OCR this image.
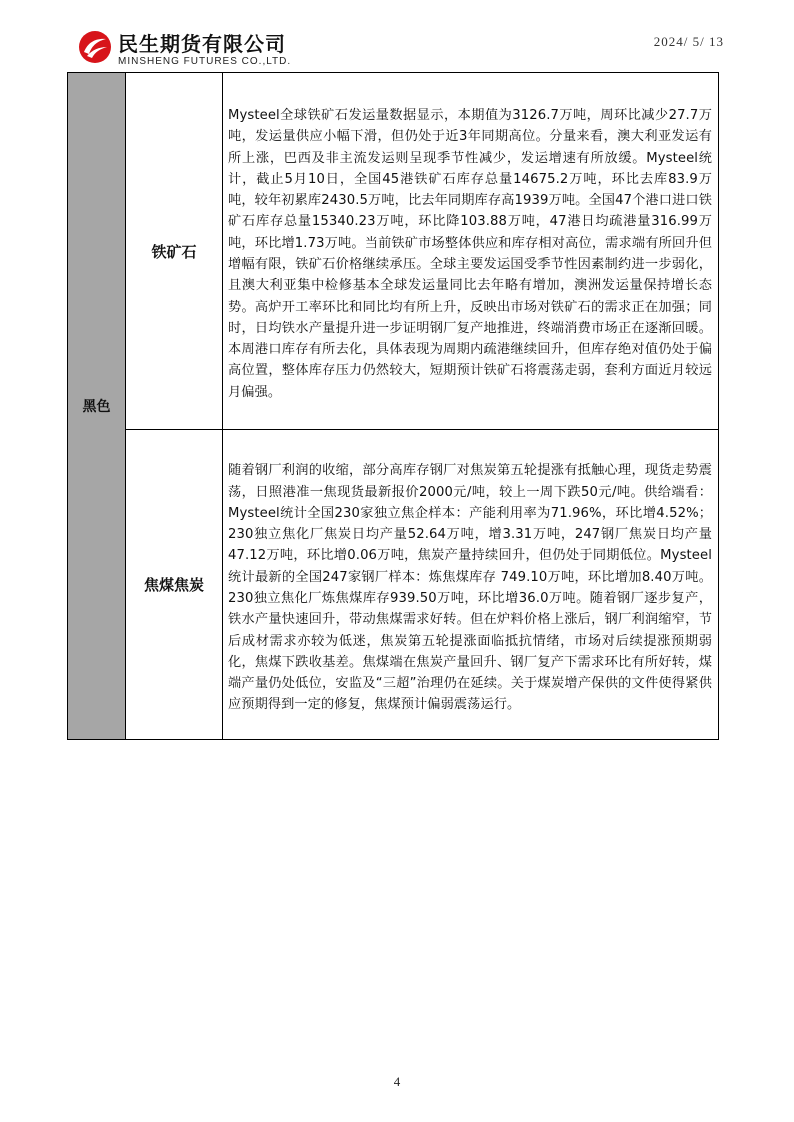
民生期货有限公司
MINSHENG FUTURES CO.,LTD.
2024/ 5/ 13
黑色	铁矿石	Mysteel全球铁矿石发运量数据显示，本期值为3126.7万吨，周环比减少27.7万吨，发运量供应小幅下滑，但仍处于近3年同期高位。分量来看，澳大利亚发运有所上涨，巴西及非主流发运则呈现季节性减少，发运增速有所放缓。Mysteel统计，截止5月10日，全国45港铁矿石库存总量14675.2万吨，环比去库83.9万吨，较年初累库2430.5万吨，比去年同期库存高1939万吨。全国47个港口进口铁矿石库存总量15340.23万吨，环比降103.88万吨，47港日均疏港量316.99万吨，环比增1.73万吨。当前铁矿市场整体供应和库存相对高位，需求端有所回升但增幅有限，铁矿石价格继续承压。全球主要发运国受季节性因素制约进一步弱化，且澳大利亚集中检修基本全球发运量同比去年略有增加，澳洲发运量保持增长态势。高炉开工率环比和同比均有所上升，反映出市场对铁矿石的需求正在加强；同时，日均铁水产量提升进一步证明钢厂复产地推进，终端消费市场正在逐渐回暖。本周港口库存有所去化，具体表现为周期内疏港继续回升，但库存绝对值仍处于偏高位置，整体库存压力仍然较大，短期预计铁矿石将震荡走弱，套利方面近月较远月偏强。
	焦煤焦炭	随着钢厂利润的收缩，部分高库存钢厂对焦炭第五轮提涨有抵触心理，现货走势震荡，日照港准一焦现货最新报价2000元/吨，较上一周下跌50元/吨。供给端看：Mysteel统计全国230家独立焦企样本：产能利用率为71.96%，环比增4.52%；230独立焦化厂焦炭日均产量52.64万吨，增3.31万吨，247钢厂焦炭日均产量47.12万吨，环比增0.06万吨，焦炭产量持续回升，但仍处于同期低位。Mysteel统计最新的全国247家钢厂样本：炼焦煤库存 749.10万吨，环比增加8.40万吨。230独立焦化厂炼焦煤库存939.50万吨，环比增36.0万吨。随着钢厂逐步复产，铁水产量快速回升，带动焦煤需求好转。但在炉料价格上涨后，钢厂利润缩窄，节后成材需求亦较为低迷，焦炭第五轮提涨面临抵抗情绪，市场对后续提涨预期弱化，焦煤下跌收基差。焦煤端在焦炭产量回升、钢厂复产下需求环比有所好转，煤端产量仍处低位，安监及“三超”治理仍在延续。关于煤炭增产保供的文件使得紧供应预期得到一定的修复，焦煤预计偏弱震荡运行。
4
